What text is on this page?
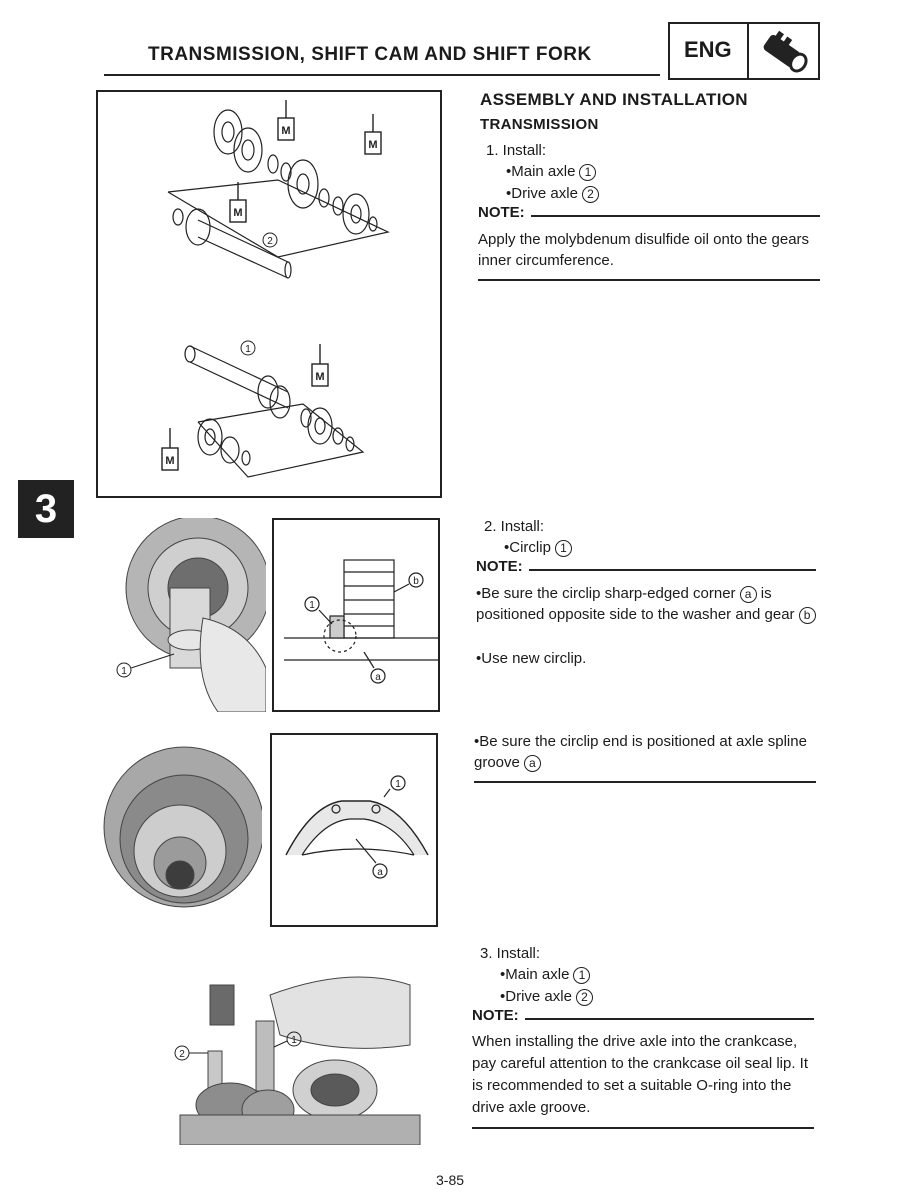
TRANSMISSION, SHIFT CAM AND SHIFT FORK	ENG
3
M
M
M
M
M
2
1
ASSEMBLY AND INSTALLATION
TRANSMISSION
1. Install:
•Main axle 1
•Drive axle 2
NOTE:
Apply the molybdenum disulfide oil onto the gears inner circumference.
1
1
a
b
2. Install:
•Circlip 1
NOTE:
•Be sure the circlip sharp-edged corner a is positioned opposite side to the washer and gear b
•Use new circlip.
1
a
•Be sure the circlip end is positioned at axle spline groove a
2
1
3. Install:
•Main axle 1
•Drive axle 2
NOTE:
When installing the drive axle into the crankcase, pay careful attention to the crankcase oil seal lip. It is recommended to set a suitable O-ring into the drive axle groove.
3-85
